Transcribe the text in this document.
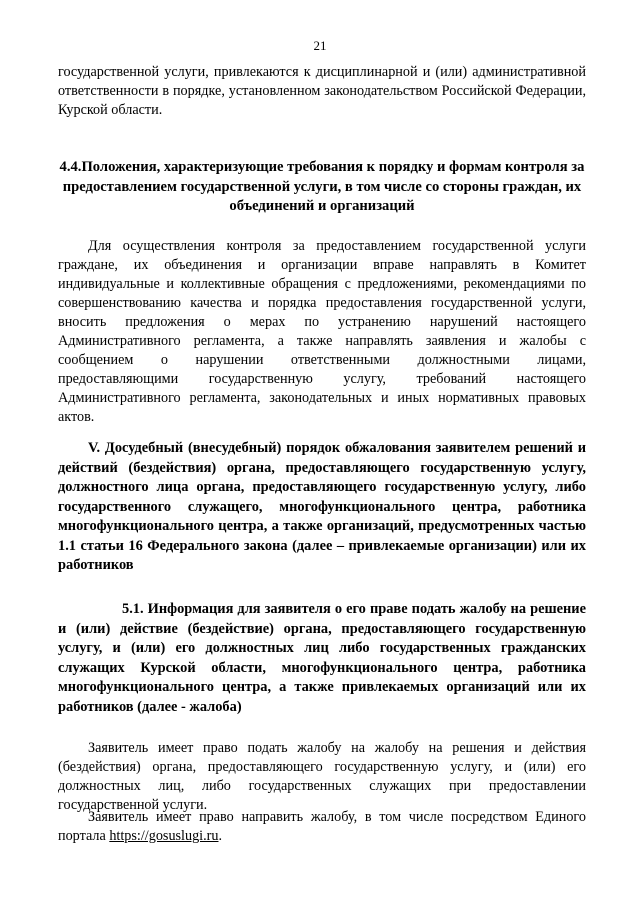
21

государственной услуги, привлекаются к дисциплинарной и (или) административной ответственности в порядке, установленном законодательством Российской Федерации, Курской области.

4.4.Положения, характеризующие требования к порядку и формам контроля за предоставлением государственной услуги, в том числе со стороны граждан, их объединений и организаций

Для осуществления контроля за предоставлением государственной услуги граждане, их объединения и организации вправе направлять в Комитет индивидуальные и коллективные обращения с предложениями, рекомендациями по совершенствованию качества и порядка предоставления государственной услуги, вносить предложения о мерах по устранению нарушений настоящего Административного регламента, а также направлять заявления и жалобы с сообщением о нарушении ответственными должностными лицами, предоставляющими государственную услугу, требований настоящего Административного регламента, законодательных и иных нормативных правовых актов.

V. Досудебный (внесудебный) порядок обжалования заявителем решений и действий (бездействия) органа, предоставляющего государственную услугу, должностного лица органа, предоставляющего государственную услугу, либо государственного служащего, многофункционального центра, работника многофункционального центра, а также организаций, предусмотренных частью 1.1 статьи 16 Федерального закона (далее – привлекаемые организации) или их работников

5.1. Информация для заявителя о его праве подать жалобу на решение и (или) действие (бездействие) органа, предоставляющего государственную услугу, и (или) его должностных лиц либо государственных гражданских служащих Курской области, многофункционального центра, работника многофункционального центра, а также привлекаемых организаций или их работников (далее - жалоба)

Заявитель имеет право подать жалобу на жалобу на решения и действия (бездействия) органа, предоставляющего государственную услугу, и (или) его должностных лиц, либо государственных служащих при предоставлении государственной услуги.

Заявитель имеет право направить жалобу, в том числе посредством Единого портала https://gosuslugi.ru.
